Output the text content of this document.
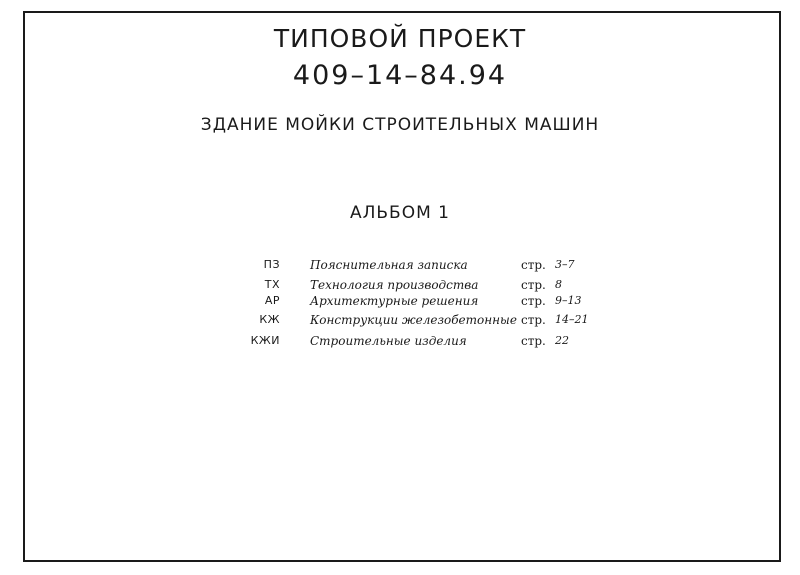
ТИПОВОЙ ПРОЕКТ
409–14–84.94
ЗДАНИЕ МОЙКИ СТРОИТЕЛЬНЫХ МАШИН
АЛЬБОМ 1
ПЗ	Пояснительная записка	стр. 3–7
ТХ	Технология производства	стр. 8
АР	Архитектурные решения	стр. 9–13
КЖ	Конструкции железобетонные стр. 14–21
КЖИ	Строительные изделия	стр. 22
